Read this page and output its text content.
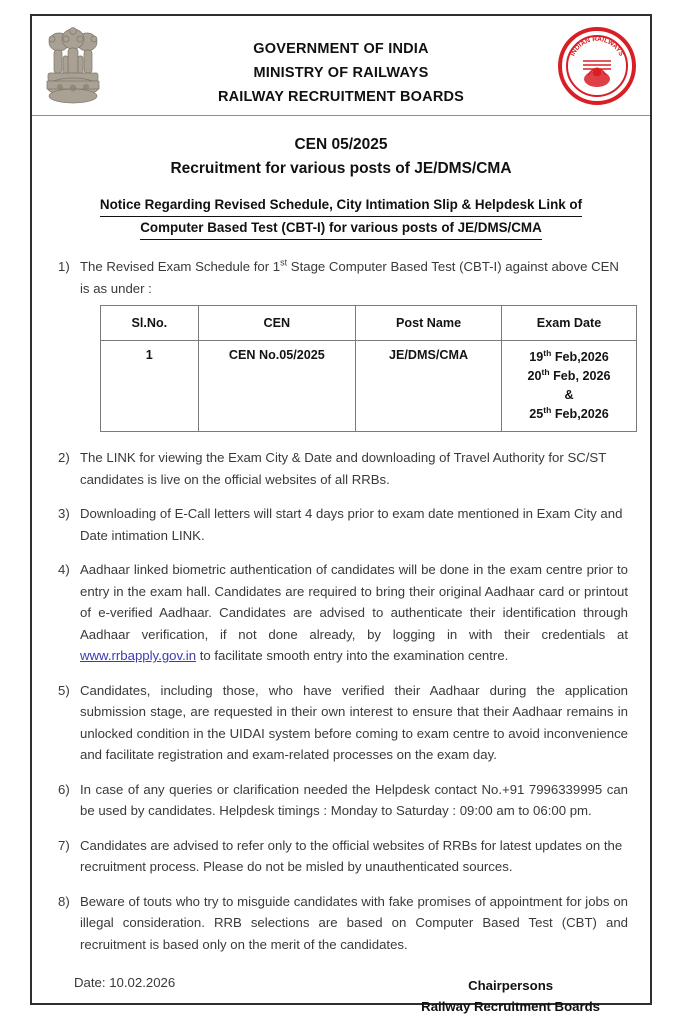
GOVERNMENT OF INDIA
MINISTRY OF RAILWAYS
RAILWAY RECRUITMENT BOARDS
INDIAN RAILWAYS
CEN 05/2025
Recruitment for various posts of JE/DMS/CMA
Notice Regarding Revised Schedule, City Intimation Slip & Helpdesk Link of
Computer Based Test (CBT-I) for various posts of JE/DMS/CMA
1) The Revised Exam Schedule for 1st Stage Computer Based Test (CBT-I) against above CEN is as under :
Sl.No.	CEN	Post Name	Exam Date
1	CEN No.05/2025	JE/DMS/CMA	19th Feb,2026
20th Feb, 2026
&
25th Feb,2026
2) The LINK for viewing the Exam City & Date and downloading of Travel Authority for SC/ST candidates is live on the official websites of all RRBs.
3) Downloading of E-Call letters will start 4 days prior to exam date mentioned in Exam City and Date intimation LINK.
4) Aadhaar linked biometric authentication of candidates will be done in the exam centre prior to entry in the exam hall. Candidates are required to bring their original Aadhaar card or printout of e-verified Aadhaar. Candidates are advised to authenticate their identification through Aadhaar verification, if not done already, by logging in with their credentials at www.rrbapply.gov.in to facilitate smooth entry into the examination centre.
5) Candidates, including those, who have verified their Aadhaar during the application submission stage, are requested in their own interest to ensure that their Aadhaar remains in unlocked condition in the UIDAI system before coming to exam centre to avoid inconvenience and facilitate registration and exam-related processes on the exam day.
6) In case of any queries or clarification needed the Helpdesk contact No.+91 7996339995 can be used by candidates. Helpdesk timings : Monday to Saturday : 09:00 am to 06:00 pm.
7) Candidates are advised to refer only to the official websites of RRBs for latest updates on the recruitment process. Please do not be misled by unauthenticated sources.
8) Beware of touts who try to misguide candidates with fake promises of appointment for jobs on illegal consideration. RRB selections are based on Computer Based Test (CBT) and recruitment is based only on the merit of the candidates.
Date: 10.02.2026	Chairpersons
Railway Recruitment Boards
